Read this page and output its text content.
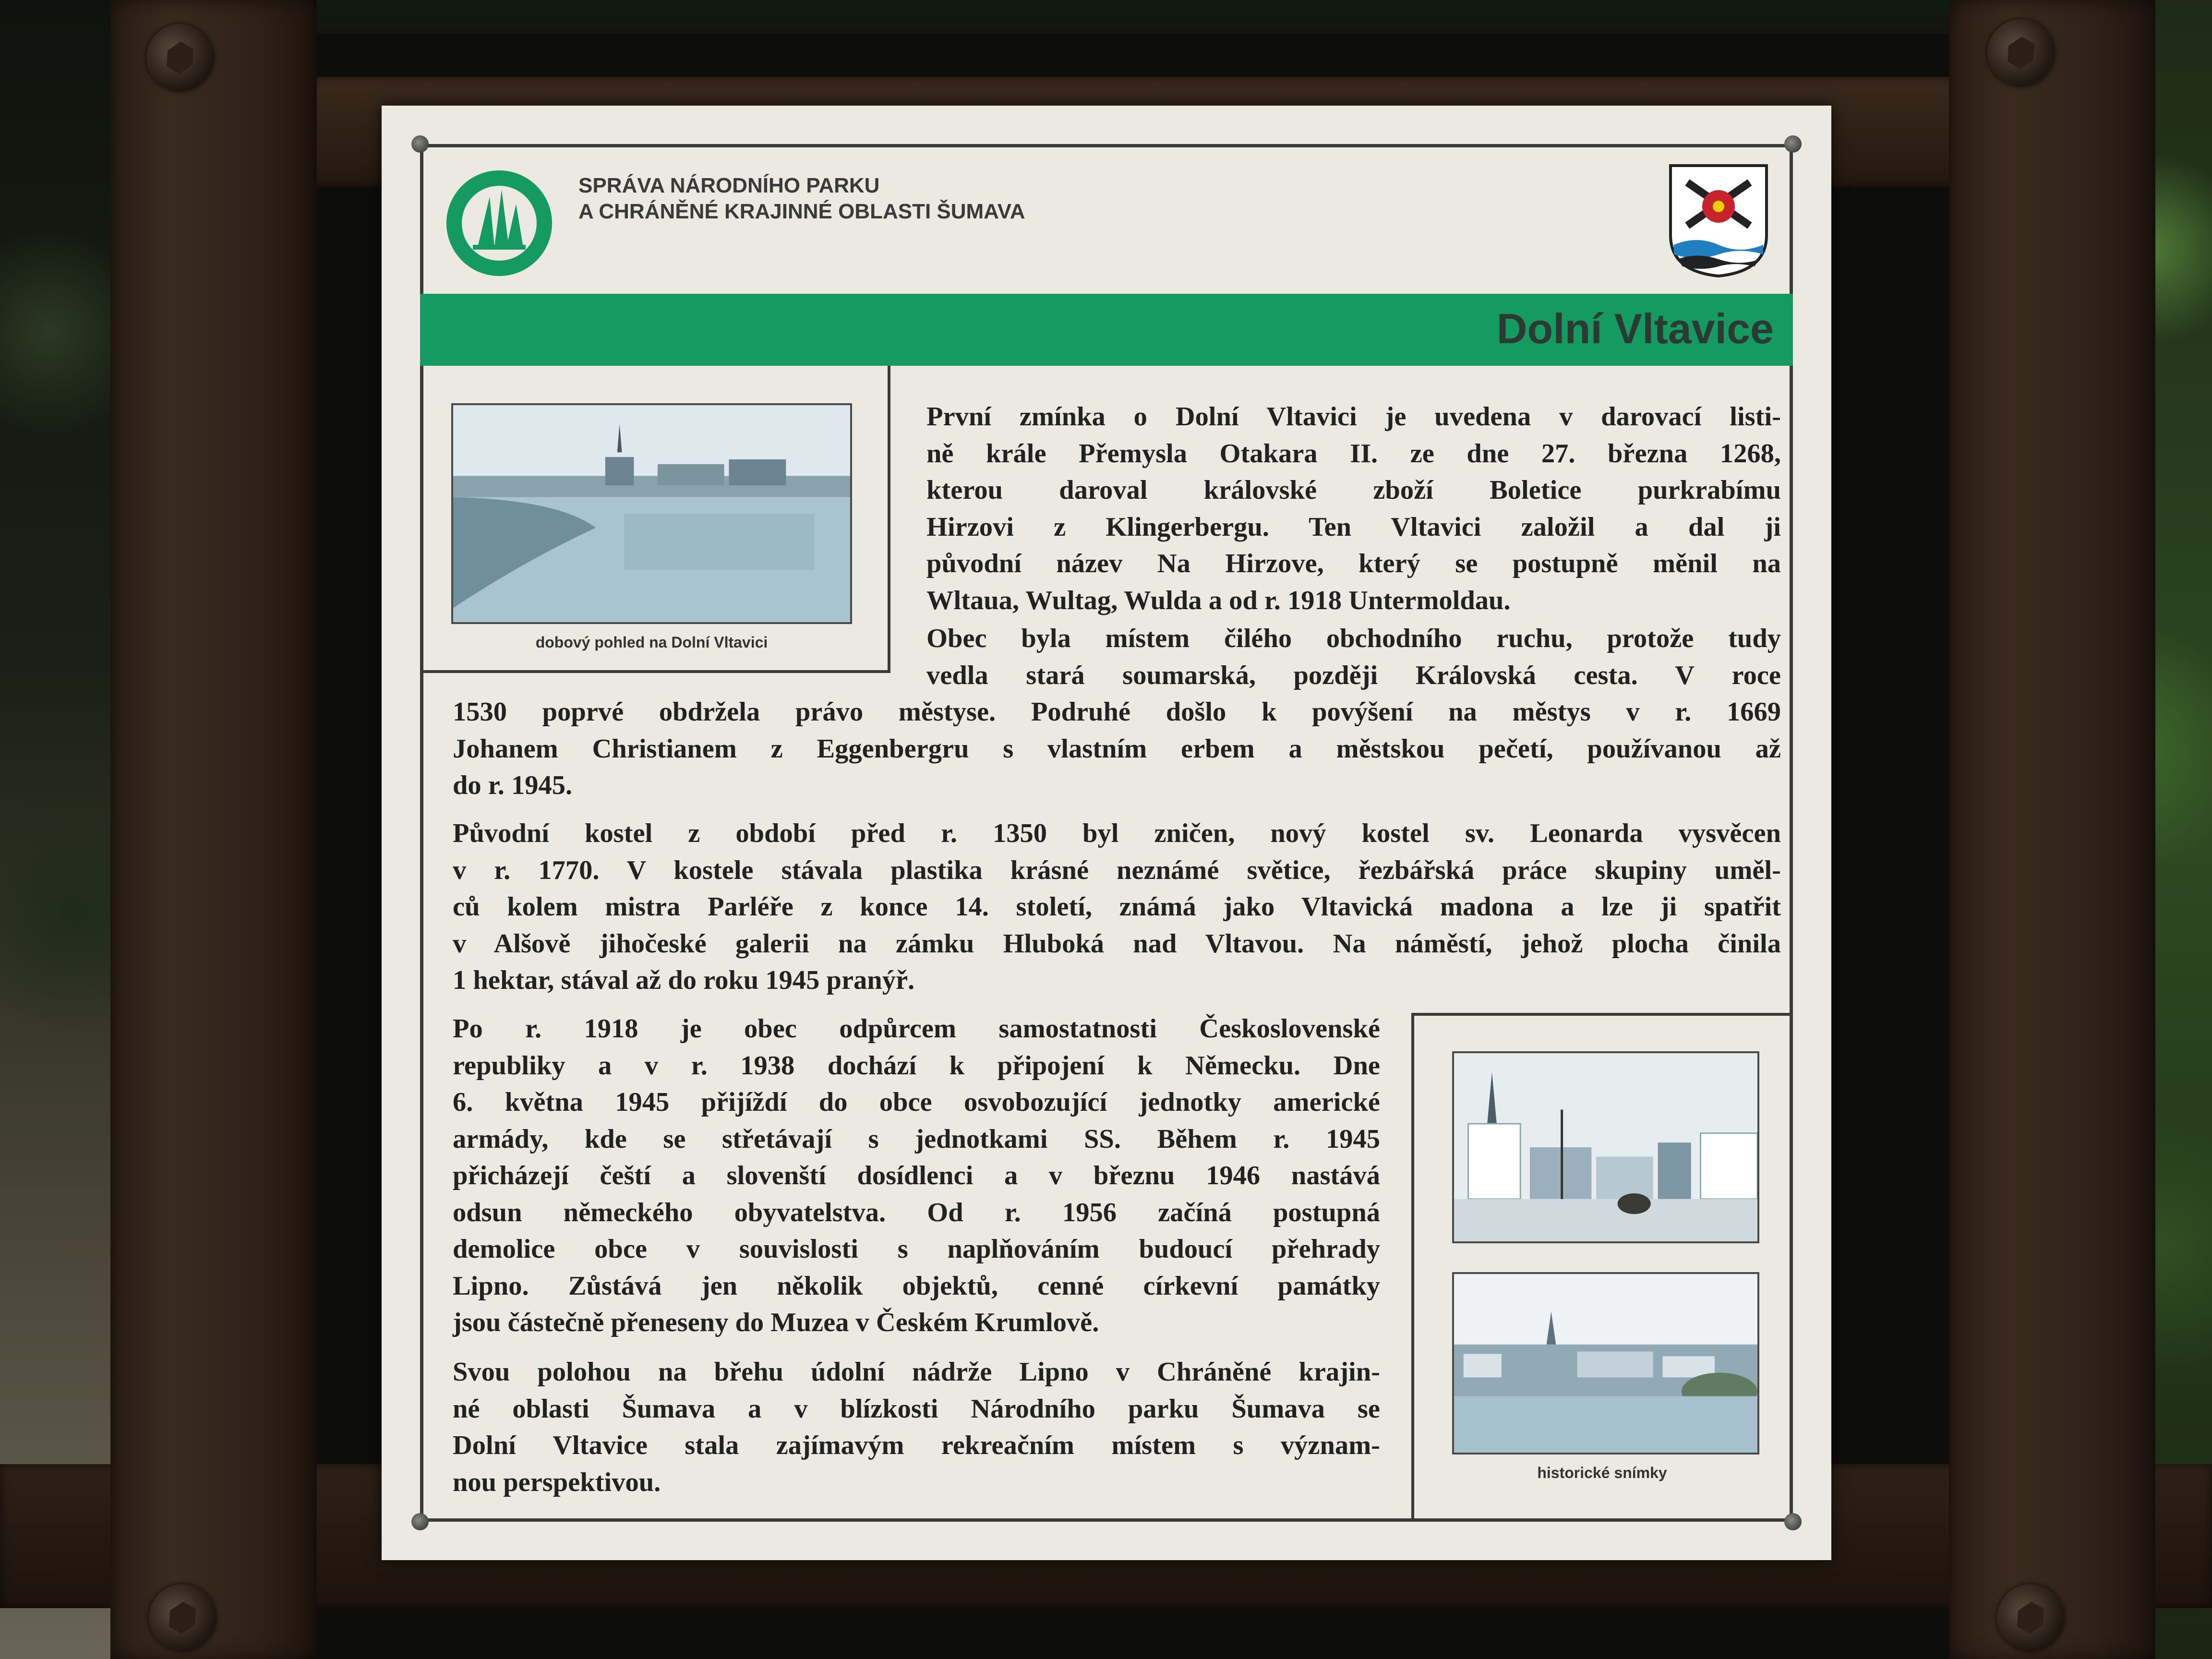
SPRÁVA NÁRODNÍHO PARKU
A CHRÁNĚNÉ KRAJINNÉ OBLASTI ŠUMAVA
Dolní Vltavice
dobový pohled na Dolní Vltavici
historické snímky
První zmínka o Dolní Vltavici je uvedena v darovací listi-
ně krále Přemysla Otakara II. ze dne 27. března 1268,
kterou daroval královské zboží Boletice purkrabímu
Hirzovi z Klingerbergu. Ten Vltavici založil a dal ji
původní název Na Hirzove, který se postupně měnil na
Wltaua, Wultag, Wulda a od r. 1918 Untermoldau.
Obec byla místem čilého obchodního ruchu, protože tudy
vedla stará soumarská, později Královská cesta. V roce
1530 poprvé obdržela právo městyse. Podruhé došlo k povýšení na městys v r. 1669
Johanem Christianem z Eggenbergru s vlastním erbem a městskou pečetí, používanou až
do r. 1945.
Původní kostel z období před r. 1350 byl zničen, nový kostel sv. Leonarda vysvěcen
v r. 1770. V kostele stávala plastika krásné neznámé světice, řezbářská práce skupiny uměl-
ců kolem mistra Parléře z konce 14. století, známá jako Vltavická madona a lze ji spatřit
v Alšově jihočeské galerii na zámku Hluboká nad Vltavou. Na náměstí, jehož plocha činila
1 hektar, stával až do roku 1945 pranýř.
Po r. 1918 je obec odpůrcem samostatnosti Československé
republiky a v r. 1938 dochází k připojení k Německu. Dne
6. května 1945 přijíždí do obce osvobozující jednotky americké
armády, kde se střetávají s jednotkami SS. Během r. 1945
přicházejí čeští a slovenští dosídlenci a v březnu 1946 nastává
odsun německého obyvatelstva. Od r. 1956 začíná postupná
demolice obce v souvislosti s naplňováním budoucí přehrady
Lipno. Zůstává jen několik objektů, cenné církevní památky
jsou částečně přeneseny do Muzea v Českém Krumlově.
Svou polohou na břehu údolní nádrže Lipno v Chráněné krajin-
né oblasti Šumava a v blízkosti Národního parku Šumava se
Dolní Vltavice stala zajímavým rekreačním místem s význam-
nou perspektivou.
